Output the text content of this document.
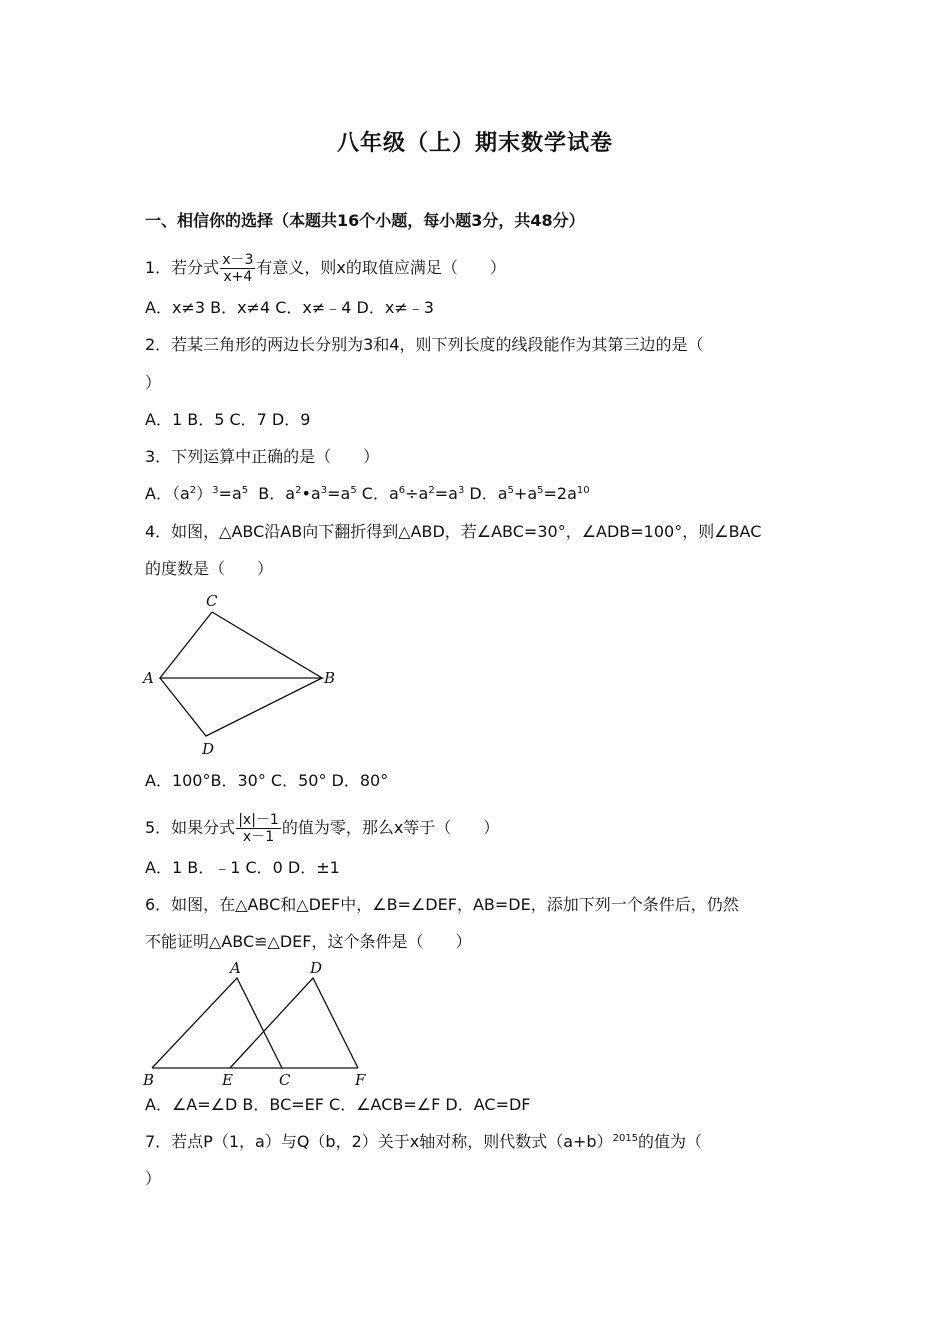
八年级（上）期末数学试卷
一、相信你的选择（本题共16个小题，每小题3分，共48分）
1．若分式 $\frac{x-3}{x+4}$ 有意义，则x的取值应满足（　　）
A．x≠3 B．x≠4 C．x≠﹣4 D．x≠﹣3
2．若某三角形的两边长分别为3和4，则下列长度的线段能作为其第三边的是（
）
A．1 B．5 C．7 D．9
3．下列运算中正确的是（　　）
A．$(a^2)^3=a^5$  B．$a^2•a^3=a^5$ C．$a^6\div a^2=a^3$ D．$a^5+a^5=2a^{10}$
4．如图，△ABC沿AB向下翻折得到△ABD，若∠ABC=30°，∠ADB=100°，则∠BAC
的度数是（　　）
C
A	B
D
A．100°B．30° C．50° D．80°
5．如果分式 $\frac{|x|-1}{x-1}$ 的值为零，那么x等于（　　）
A．1 B．﹣1 C．0 D．±1
6．如图，在△ABC和△DEF中，∠B=∠DEF，AB=DE，添加下列一个条件后，仍然
不能证明△ABC≌△DEF，这个条件是（　　）
A	D
B	E	C	F
A．∠A=∠D B．BC=EF C．∠ACB=∠F D．AC=DF
7．若点P（1，a）与Q（b，2）关于x轴对称，则代数式$(a+b)^{2015}$的值为（
）
